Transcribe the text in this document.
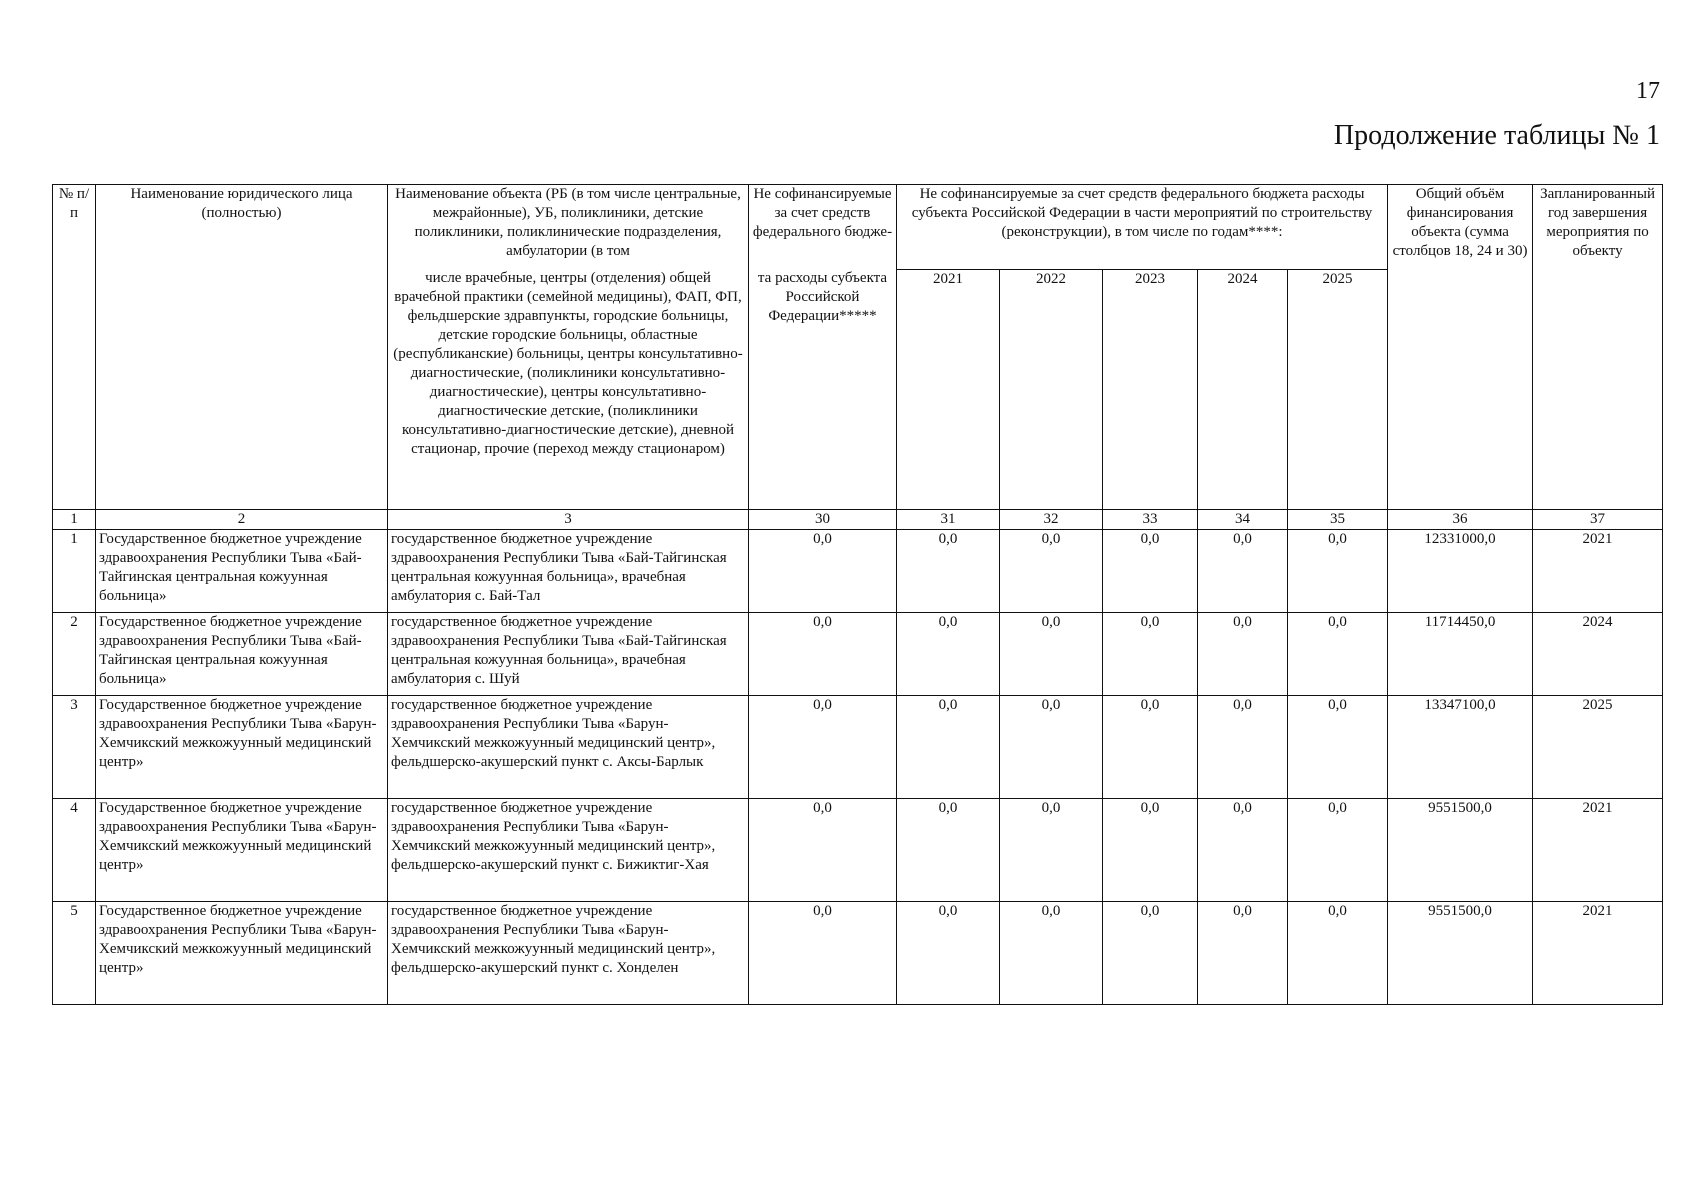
17
Продолжение таблицы № 1
№ п/п	Наименование юридического лица (полностью)	Наименование объекта (РБ (в том числе центральные, межрайонные), УБ, поликлиники, детские поликлиники, поликлинические подразделения, амбулатории (в том	Не софинансируемые за счет средств федерального бюдже-	Не софинансируемые за счет средств федерального бюджета расходы субъекта Российской Федерации в части мероприятий по строительству (реконструкции), в том числе по годам****:					Общий объём финансирования объекта (сумма столбцов 18, 24 и 30)	Запланированный год завершения мероприятия по объекту
		числе врачебные, центры (отделения) общей врачебной практики (семейной медицины), ФАП, ФП, фельдшерские здравпункты, городские больницы, детские городские больницы, областные (республиканские) больницы, центры консультативно-диагностические, (поликлиники консультативно-диагностические), центры консультативно-диагностические детские, (поликлиники консультативно-диагностические детские), дневной стационар, прочие (переход между стационаром)	та расходы субъекта Российской Федерации*****	2021	2022	2023	2024	2025		
1	2	3	30	31	32	33	34	35	36	37
1	Государственное бюджетное учреждение здравоохранения Республики Тыва «Бай-Тайгинская центральная кожуунная больница»	государственное бюджетное учреждение здравоохранения Республики Тыва «Бай-Тайгинская центральная кожуунная больница», врачебная амбулатория с. Бай-Тал	0,0	0,0	0,0	0,0	0,0	0,0	12331000,0	2021
2	Государственное бюджетное учреждение здравоохранения Республики Тыва «Бай-Тайгинская центральная кожуунная больница»	государственное бюджетное учреждение здравоохранения Республики Тыва «Бай-Тайгинская центральная кожуунная больница», врачебная амбулатория с. Шуй	0,0	0,0	0,0	0,0	0,0	0,0	11714450,0	2024
3	Государственное бюджетное учреждение здравоохранения Республики Тыва «Барун-Хемчикский межкожуунный медицинский центр»	государственное бюджетное учреждение здравоохранения Республики Тыва «Барун-Хемчикский межкожуунный медицинский центр», фельдшерско-акушерский пункт с. Аксы-Барлык	0,0	0,0	0,0	0,0	0,0	0,0	13347100,0	2025
4	Государственное бюджетное учреждение здравоохранения Республики Тыва «Барун-Хемчикский межкожуунный медицинский центр»	государственное бюджетное учреждение здравоохранения Республики Тыва «Барун-Хемчикский межкожуунный медицинский центр», фельдшерско-акушерский пункт с. Бижиктиг-Хая	0,0	0,0	0,0	0,0	0,0	0,0	9551500,0	2021
5	Государственное бюджетное учреждение здравоохранения Республики Тыва «Барун-Хемчикский межкожуунный медицинский центр»	государственное бюджетное учреждение здравоохранения Республики Тыва «Барун-Хемчикский межкожуунный медицинский центр», фельдшерско-акушерский пункт с. Хонделен	0,0	0,0	0,0	0,0	0,0	0,0	9551500,0	2021
